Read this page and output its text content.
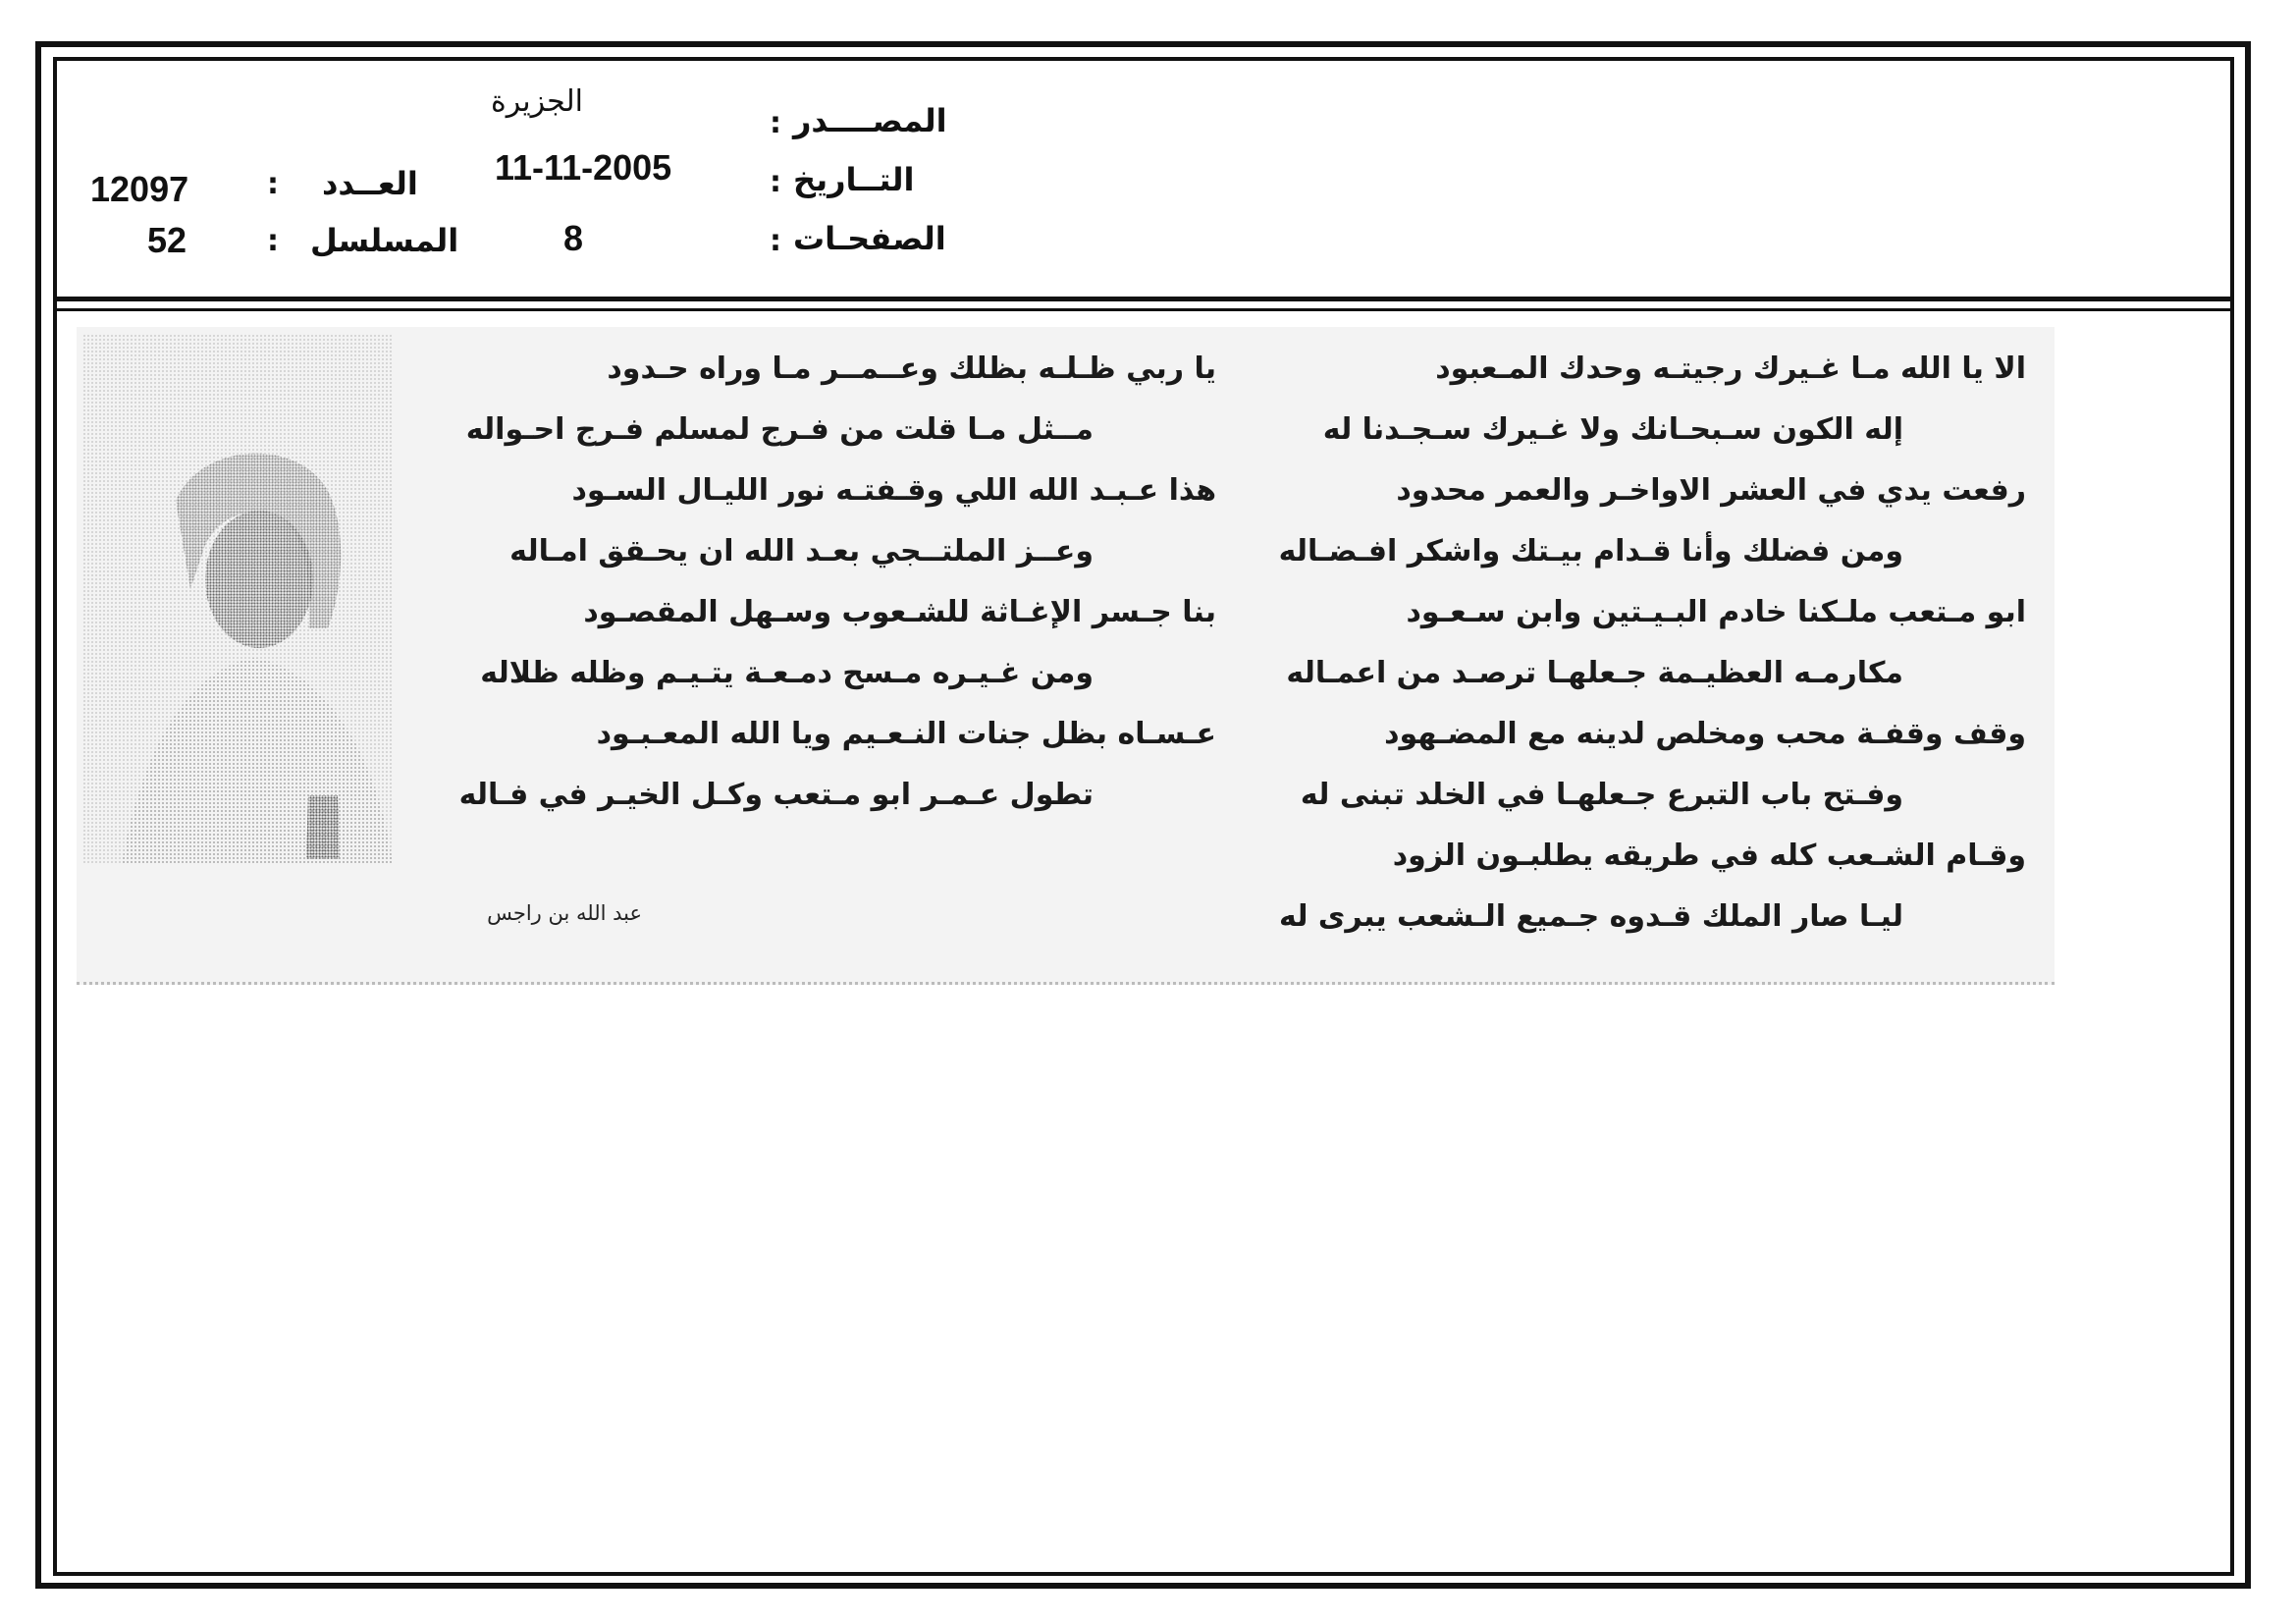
المصــــدر
:
الجزيرة
التــاريخ
:
11-11-2005
الصفحـات
:
8
العــدد
:
12097
المسلسل
:
52
الا يا الله مـا غـيرك رجيتـه وحدك المـعبود
إله الكون سـبحـانك ولا غـيرك سـجـدنا له
رفعت يدي في العشر الاواخـر والعمر محدود
ومن فضلك وأنا قـدام بيـتك واشكر افـضـاله
ابو مـتعب ملـكنا خادم البـيـتين وابن سـعـود
مكارمـه العظيـمة جـعلهـا ترصـد من اعمـاله
وقف وقفـة محب ومخلص لدينه مع المضـهود
وفـتح باب التبرع جـعلهـا في الخلد تبنى له
وقـام الشـعب كله في طريقه يطلبـون الزود
ليـا صار الملك قـدوه جـميع الـشعب يبرى له
يا ربي ظـلـه بظلك وعــمــر مـا وراه حـدود
مــثل مـا قلت من فـرج لمسلم فـرج احـواله
هذا عـبـد الله اللي وقـفتـه نور الليـال السـود
وعــز الملتــجي بعـد الله ان يحـقق امـاله
بنا جـسر الإغـاثة للشـعوب وسـهل المقصـود
ومن غـيـره مـسح دمـعـة يتـيـم وظله ظلاله
عـسـاه بظل جنات النـعـيم ويا الله المعـبـود
تطول عـمـر ابو مـتعب وكـل الخيـر في فـاله
عبد الله بن راجس
